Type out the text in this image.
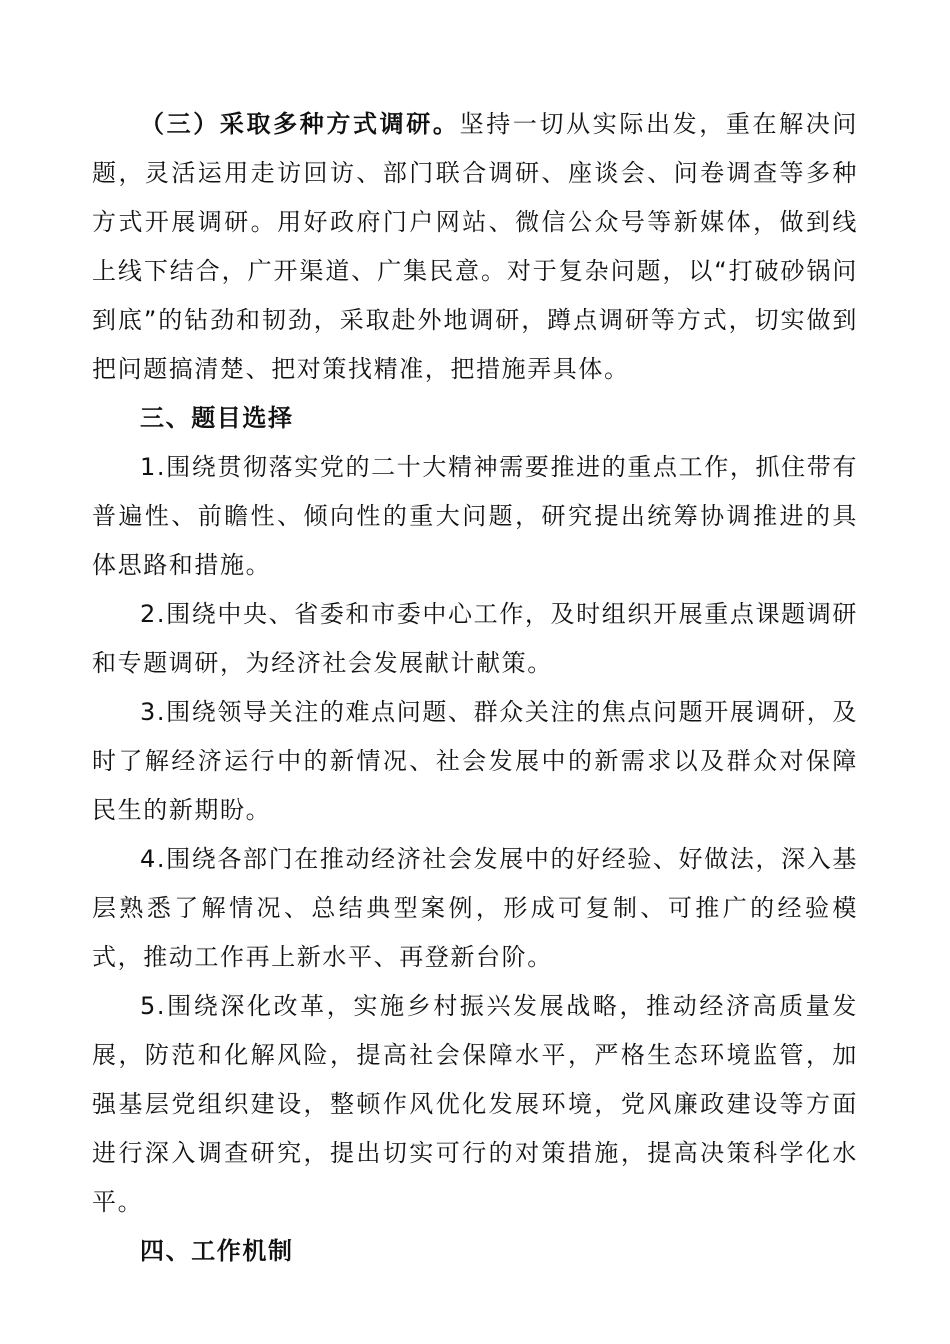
（三）采取多种方式调研。坚持一切从实际出发，重在解决问题，灵活运用走访回访、部门联合调研、座谈会、问卷调查等多种方式开展调研。用好政府门户网站、微信公众号等新媒体，做到线上线下结合，广开渠道、广集民意。对于复杂问题，以“打破砂锅问到底”的钻劲和韧劲，采取赴外地调研，蹲点调研等方式，切实做到把问题搞清楚、把对策找精准，把措施弄具体。

三、题目选择

1.围绕贯彻落实党的二十大精神需要推进的重点工作，抓住带有普遍性、前瞻性、倾向性的重大问题，研究提出统筹协调推进的具体思路和措施。

2.围绕中央、省委和市委中心工作，及时组织开展重点课题调研和专题调研，为经济社会发展献计献策。

3.围绕领导关注的难点问题、群众关注的焦点问题开展调研，及时了解经济运行中的新情况、社会发展中的新需求以及群众对保障民生的新期盼。

4.围绕各部门在推动经济社会发展中的好经验、好做法，深入基层熟悉了解情况、总结典型案例，形成可复制、可推广的经验模式，推动工作再上新水平、再登新台阶。

5.围绕深化改革，实施乡村振兴发展战略，推动经济高质量发展，防范和化解风险，提高社会保障水平，严格生态环境监管，加强基层党组织建设，整顿作风优化发展环境，党风廉政建设等方面进行深入调查研究，提出切实可行的对策措施，提高决策科学化水平。

四、工作机制
